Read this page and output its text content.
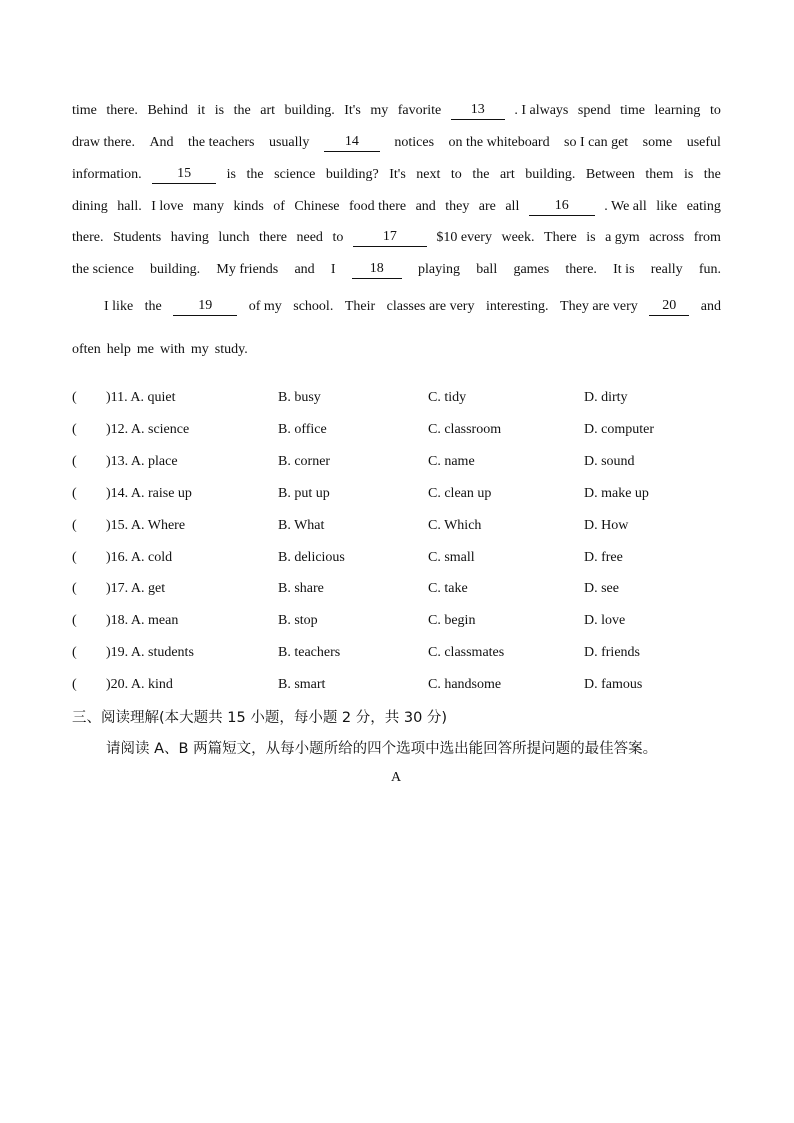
time there. Behind it is the art building. It's my favorite	13	. I always spend time learning to
draw there. And the teachers usually	14	notices on the whiteboard so I can get some useful
information.	15	is the science building? It's next to the art building. Between them is the
dining hall. I love many kinds of Chinese food there and they are all	16	. We all like eating
there. Students having lunch there need to	17	$10 every week. There is a gym across from
the science building. My friends and I	18	playing ball games there. It is really fun.
I like the	19	of my school. Their classes are very interesting. They are very	20	and
often help me with my study.
( )11. A. quiet	B. busy	C. tidy	D. dirty
( )12. A. science	B. office	C. classroom	D. computer
( )13. A. place	B. corner	C. name	D. sound
( )14. A. raise up	B. put up	C. clean up	D. make up
( )15. A. Where	B. What	C. Which	D. How
( )16. A. cold	B. delicious	C. small	D. free
( )17. A. get	B. share	C. take	D. see
( )18. A. mean	B. stop	C. begin	D. love
( )19. A. students	B. teachers	C. classmates	D. friends
( )20. A. kind	B. smart	C. handsome	D. famous
三、阅读理解(本大题共 15 小题，每小题 2 分，共 30 分)
请阅读 A、B 两篇短文，从每小题所给的四个选项中选出能回答所提问题的最佳答案。
A
